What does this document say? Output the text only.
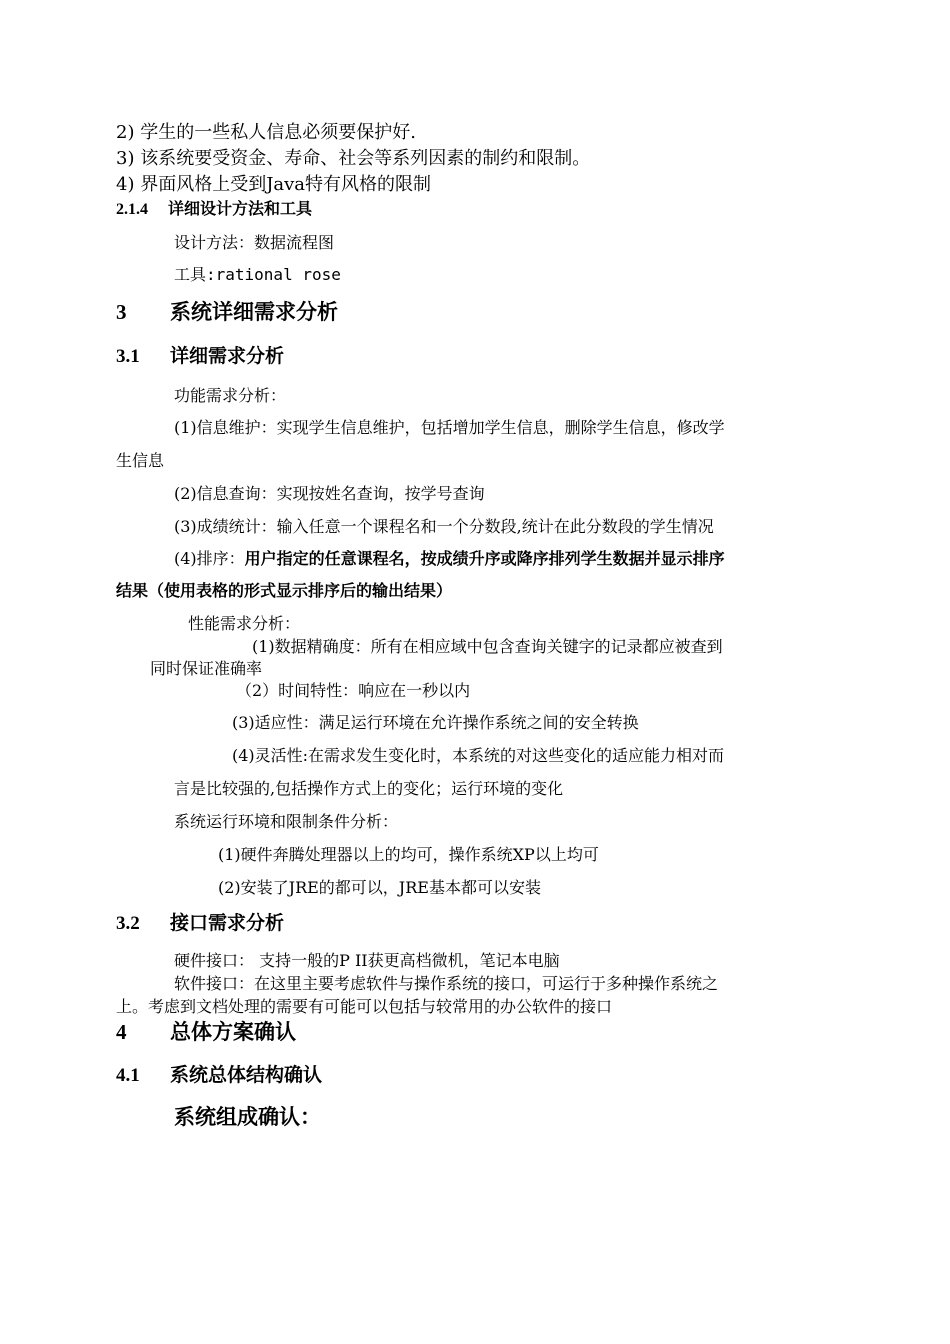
2) 学生的一些私人信息必须要保护好.
3) 该系统要受资金、寿命、社会等系列因素的制约和限制。
4) 界面风格上受到Java特有风格的限制
2.1.4 详细设计方法和工具
设计方法：数据流程图
工具:rational rose
3 系统详细需求分析
3.1 详细需求分析
功能需求分析：
(1)信息维护：实现学生信息维护，包括增加学生信息，删除学生信息，修改学
生信息
(2)信息查询：实现按姓名查询，按学号查询
(3)成绩统计：输入任意一个课程名和一个分数段,统计在此分数段的学生情况
(4)排序：用户指定的任意课程名，按成绩升序或降序排列学生数据并显示排序
结果（使用表格的形式显示排序后的输出结果）
性能需求分析：
(1)数据精确度：所有在相应域中包含查询关键字的记录都应被查到
同时保证准确率
（2）时间特性：响应在一秒以内
(3)适应性：满足运行环境在允许操作系统之间的安全转换
(4)灵活性:在需求发生变化时，本系统的对这些变化的适应能力相对而
言是比较强的,包括操作方式上的变化；运行环境的变化
系统运行环境和限制条件分析：
(1)硬件奔腾处理器以上的均可，操作系统XP以上均可
(2)安装了JRE的都可以，JRE基本都可以安装
3.2 接口需求分析
硬件接口： 支持一般的P II获更高档微机，笔记本电脑
软件接口：在这里主要考虑软件与操作系统的接口，可运行于多种操作系统之
上。考虑到文档处理的需要有可能可以包括与较常用的办公软件的接口
4 总体方案确认
4.1 系统总体结构确认
系统组成确认：
